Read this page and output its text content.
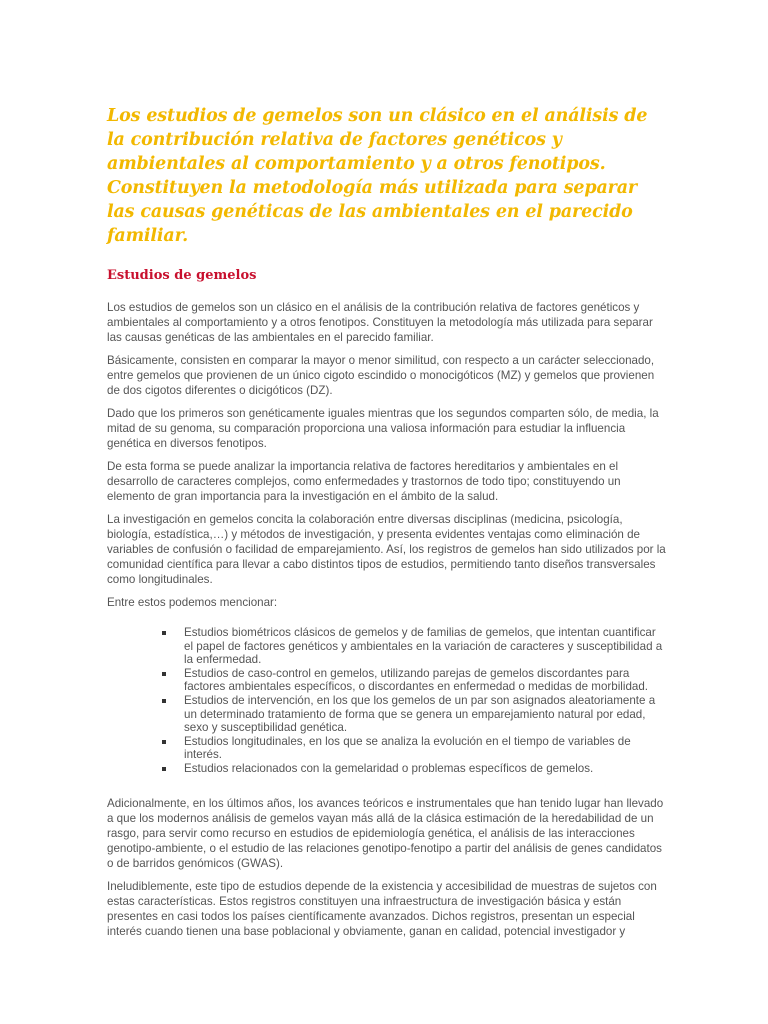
Los estudios de gemelos son un clásico en el análisis de la contribución relativa de factores genéticos y ambientales al comportamiento y a otros fenotipos. Constituyen la metodología más utilizada para separar las causas genéticas de las ambientales en el parecido familiar.

Estudios de gemelos

Los estudios de gemelos son un clásico en el análisis de la contribución relativa de factores genéticos y ambientales al comportamiento y a otros fenotipos. Constituyen la metodología más utilizada para separar las causas genéticas de las ambientales en el parecido familiar.

Básicamente, consisten en comparar la mayor o menor similitud, con respecto a un carácter seleccionado, entre gemelos que provienen de un único cigoto escindido o monocigóticos (MZ) y gemelos que provienen de dos cigotos diferentes o dicigóticos (DZ).

Dado que los primeros son genéticamente iguales mientras que los segundos comparten sólo, de media, la mitad de su genoma, su comparación proporciona una valiosa información para estudiar la influencia genética en diversos fenotipos.

De esta forma se puede analizar la importancia relativa de factores hereditarios y ambientales en el desarrollo de caracteres complejos, como enfermedades y trastornos de todo tipo; constituyendo un elemento de gran importancia para la investigación en el ámbito de la salud.

La investigación en gemelos concita la colaboración entre diversas disciplinas (medicina, psicología, biología, estadística,…) y métodos de investigación, y presenta evidentes ventajas como eliminación de variables de confusión o facilidad de emparejamiento. Así, los registros de gemelos han sido utilizados por la comunidad científica para llevar a cabo distintos tipos de estudios, permitiendo tanto diseños transversales como longitudinales.

Entre estos podemos mencionar:

Estudios biométricos clásicos de gemelos y de familias de gemelos, que intentan cuantificar el papel de factores genéticos y ambientales en la variación de caracteres y susceptibilidad a la enfermedad.
Estudios de caso-control en gemelos, utilizando parejas de gemelos discordantes para factores ambientales específicos, o discordantes en enfermedad o medidas de morbilidad.
Estudios de intervención, en los que los gemelos de un par son asignados aleatoriamente a un determinado tratamiento de forma que se genera un emparejamiento natural por edad, sexo y susceptibilidad genética.
Estudios longitudinales, en los que se analiza la evolución en el tiempo de variables de interés.
Estudios relacionados con la gemelaridad o problemas específicos de gemelos.

Adicionalmente, en los últimos años, los avances teóricos e instrumentales que han tenido lugar han llevado a que los modernos análisis de gemelos vayan más allá de la clásica estimación de la heredabilidad de un rasgo, para servir como recurso en estudios de epidemiología genética, el análisis de las interacciones genotipo-ambiente, o el estudio de las relaciones genotipo-fenotipo a partir del análisis de genes candidatos o de barridos genómicos (GWAS).

Ineludiblemente, este tipo de estudios depende de la existencia y accesibilidad de muestras de sujetos con estas características. Estos registros constituyen una infraestructura de investigación básica y están presentes en casi todos los países científicamente avanzados. Dichos registros, presentan un especial interés cuando tienen una base poblacional y obviamente, ganan en calidad, potencial investigador y
